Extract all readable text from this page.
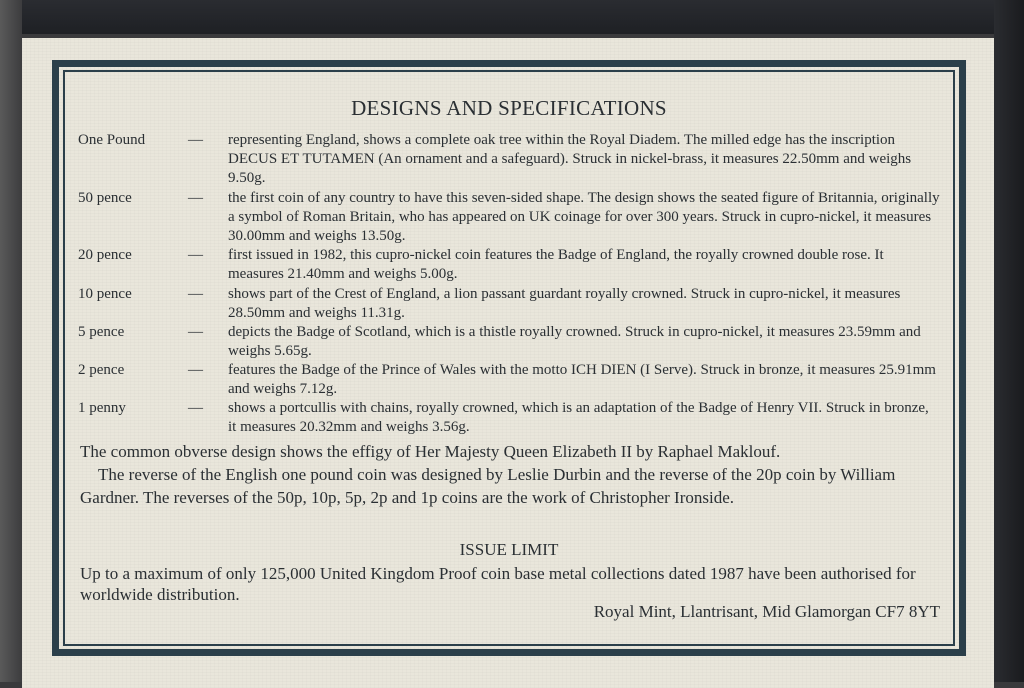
DESIGNS AND SPECIFICATIONS
One Pound	—	representing England, shows a complete oak tree within the Royal Diadem. The milled edge has the inscription DECUS ET TUTAMEN (An ornament and a safeguard). Struck in nickel-brass, it measures 22.50mm and weighs 9.50g.
50 pence	—	the first coin of any country to have this seven-sided shape. The design shows the seated figure of Britannia, originally a symbol of Roman Britain, who has appeared on UK coinage for over 300 years. Struck in cupro-nickel, it measures 30.00mm and weighs 13.50g.
20 pence	—	first issued in 1982, this cupro-nickel coin features the Badge of England, the royally crowned double rose. It measures 21.40mm and weighs 5.00g.
10 pence	—	shows part of the Crest of England, a lion passant guardant royally crowned. Struck in cupro-nickel, it measures 28.50mm and weighs 11.31g.
5 pence	—	depicts the Badge of Scotland, which is a thistle royally crowned. Struck in cupro-nickel, it measures 23.59mm and weighs 5.65g.
2 pence	—	features the Badge of the Prince of Wales with the motto ICH DIEN (I Serve). Struck in bronze, it measures 25.91mm and weighs 7.12g.
1 penny	—	shows a portcullis with chains, royally crowned, which is an adaptation of the Badge of Henry VII. Struck in bronze, it measures 20.32mm and weighs 3.56g.
The common obverse design shows the effigy of Her Majesty Queen Elizabeth II by Raphael Maklouf.
The reverse of the English one pound coin was designed by Leslie Durbin and the reverse of the 20p coin by William Gardner. The reverses of the 50p, 10p, 5p, 2p and 1p coins are the work of Christopher Ironside.
ISSUE LIMIT
Up to a maximum of only 125,000 United Kingdom Proof coin base metal collections dated 1987 have been authorised for worldwide distribution.
Royal Mint, Llantrisant, Mid Glamorgan CF7 8YT
